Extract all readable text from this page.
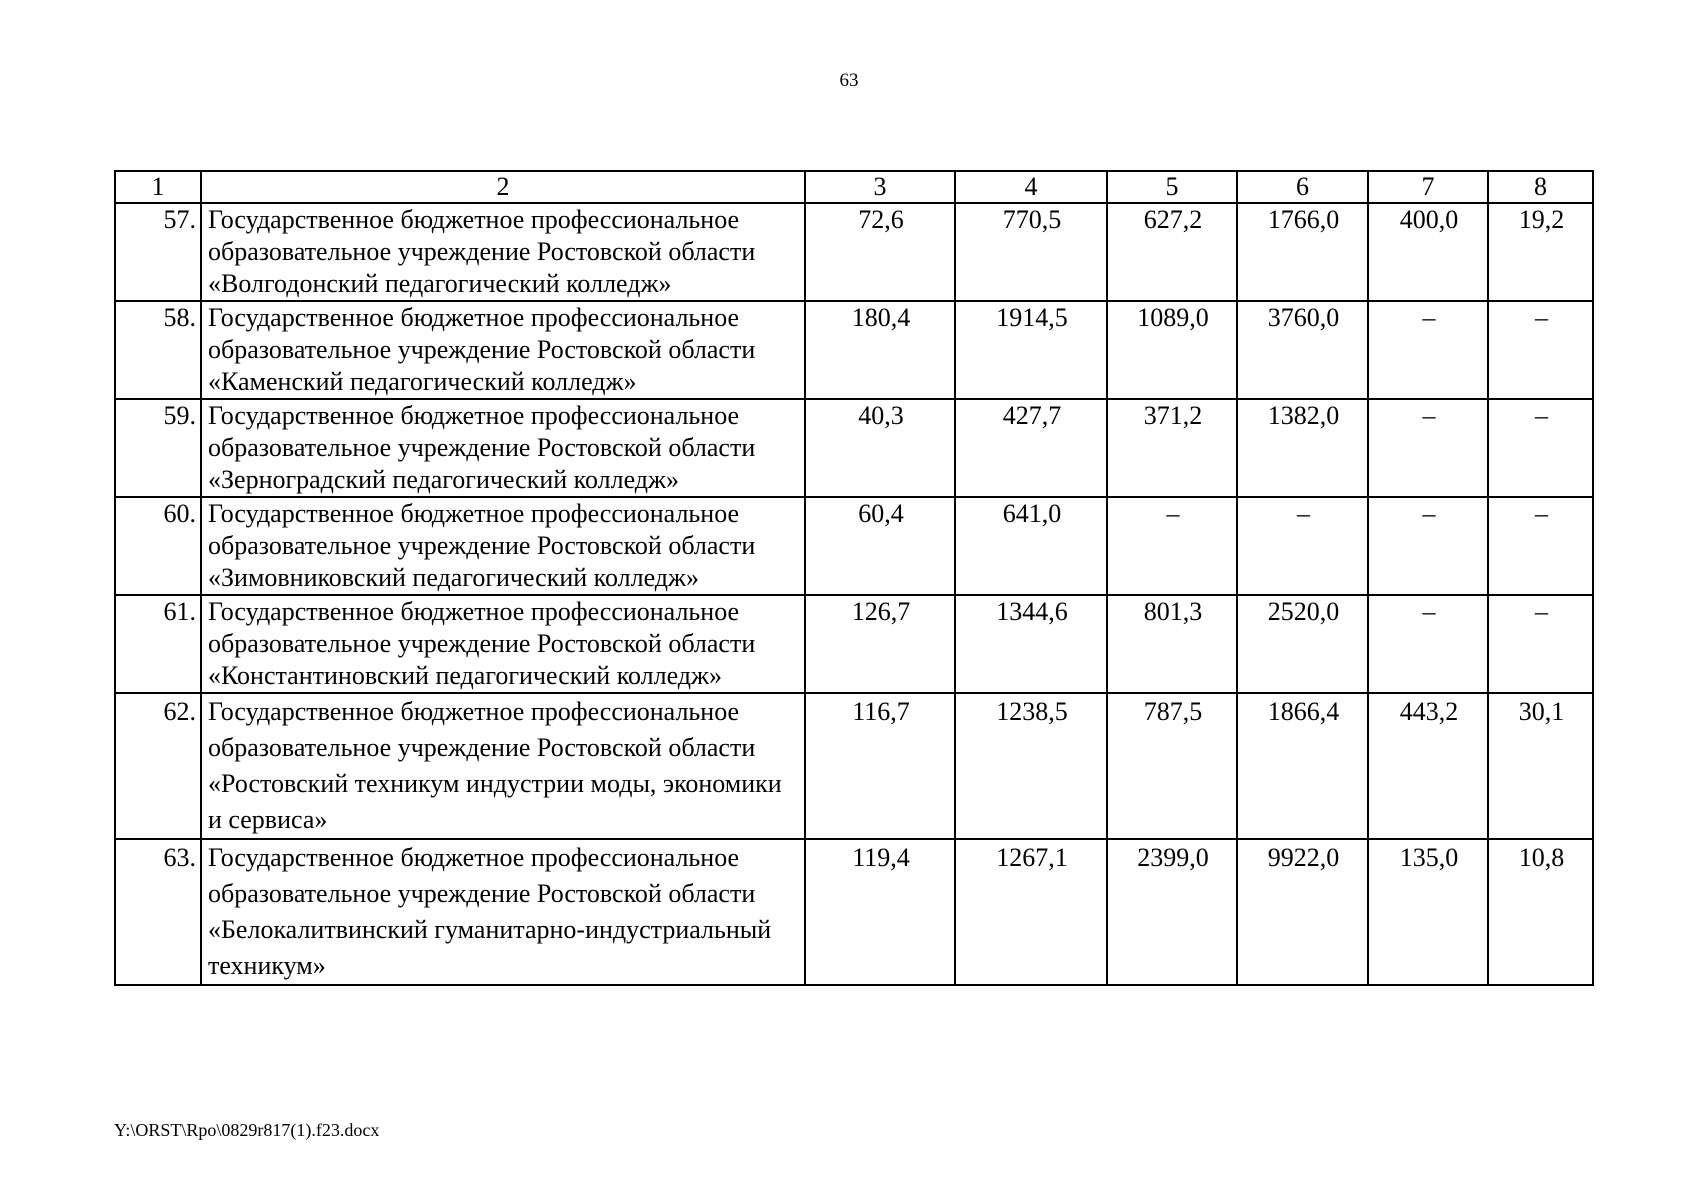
63
1	2	3	4	5	6	7	8
57.	Государственное бюджетное профессиональное образовательное учреждение Ростовской области «Волгодонский педагогический колледж»	72,6	770,5	627,2	1766,0	400,0	19,2
58.	Государственное бюджетное профессиональное образовательное учреждение Ростовской области «Каменский педагогический колледж»	180,4	1914,5	1089,0	3760,0	–	–
59.	Государственное бюджетное профессиональное образовательное учреждение Ростовской области «Зерноградский педагогический колледж»	40,3	427,7	371,2	1382,0	–	–
60.	Государственное бюджетное профессиональное образовательное учреждение Ростовской области «Зимовниковский педагогический колледж»	60,4	641,0	–	–	–	–
61.	Государственное бюджетное профессиональное образовательное учреждение Ростовской области «Константиновский педагогический колледж»	126,7	1344,6	801,3	2520,0	–	–
62.	Государственное бюджетное профессиональное образовательное учреждение Ростовской области «Ростовский техникум индустрии моды, экономики и сервиса»	116,7	1238,5	787,5	1866,4	443,2	30,1
63.	Государственное бюджетное профессиональное образовательное учреждение Ростовской области «Белокалитвинский гуманитарно-индустриальный техникум»	119,4	1267,1	2399,0	9922,0	135,0	10,8
Y:\ORST\Rpo\0829r817(1).f23.docx
